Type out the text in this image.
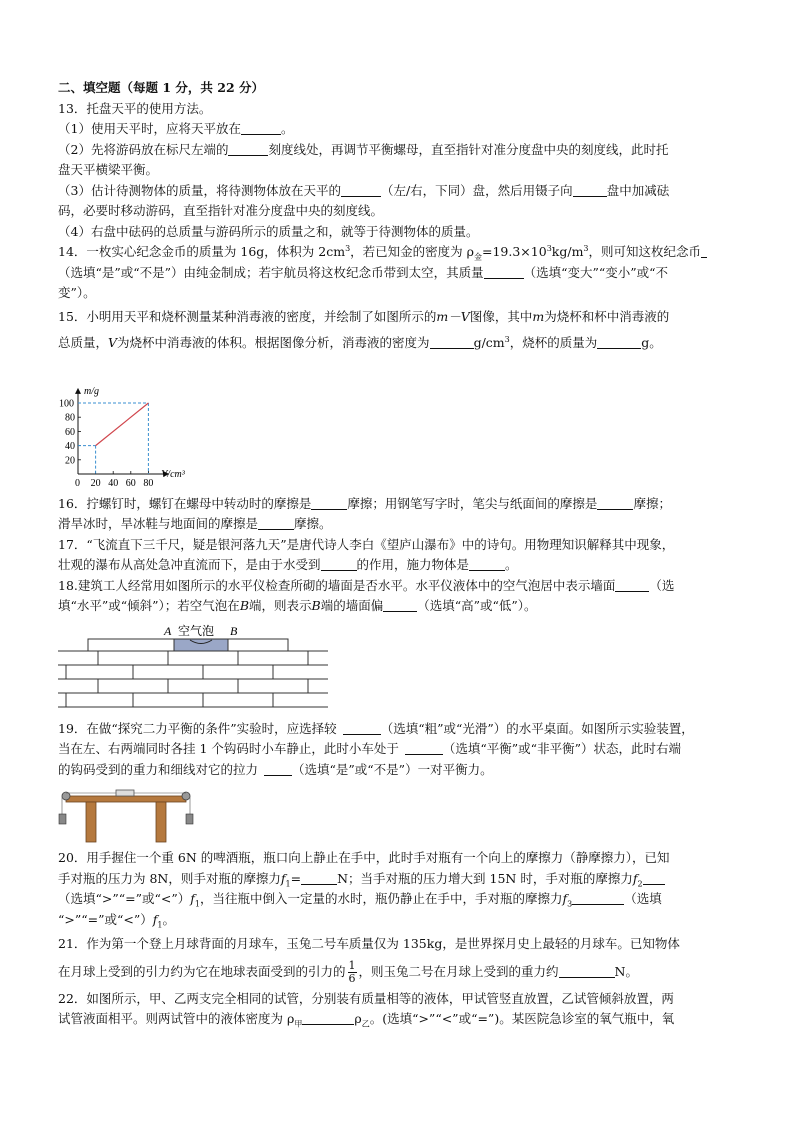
二、填空题（每题 1 分，共 22 分）
13．托盘天平的使用方法。
（1）使用天平时，应将天平放在	。
（2）先将游码放在标尺左端的	刻度线处，再调节平衡螺母，直至指针对准分度盘中央的刻度线，此时托
盘天平横梁平衡。
（3）估计待测物体的质量，将待测物体放在天平的	（左/右，下同）盘，然后用镊子向	盘中加减砝
码，必要时移动游码，直至指针对准分度盘中央的刻度线。
（4）右盘中砝码的总质量与游码所示的质量之和，就等于待测物体的质量。
14．一枚实心纪念金币的质量为 16g，体积为 $2cm^3$，若已知金的密度为 $\rho_金=19.3\times 10^3kg/m^3$，则可知这枚纪念币
（选填“是”或“不是”）由纯金制成；若宇航员将这枚纪念币带到太空，其质量	（选填“变大”“变小”或“不
变”）。
15．小明用天平和烧杯测量某种消毒液的密度，并绘制了如图所示的m－V图像，其中m为烧杯和杯中消毒液的
总质量，V为烧杯中消毒液的体积。根据图像分析，消毒液的密度为	$g/cm^3$，烧杯的质量为	g。
m/g
V/cm³
0 20 40 60 80
20
40
60
80
100
16．拧螺钉时，螺钉在螺母中转动时的摩擦是	摩擦；用钢笔写字时，笔尖与纸面间的摩擦是	摩擦；
滑旱冰时，旱冰鞋与地面间的摩擦是	摩擦。
17．“飞流直下三千尺，疑是银河落九天”是唐代诗人李白《望庐山瀑布》中的诗句。用物理知识解释其中现象，
壮观的瀑布从高处急冲直流而下，是由于水受到	的作用，施力物体是	。
18.建筑工人经常用如图所示的水平仪检查所砌的墙面是否水平。水平仪液体中的空气泡居中表示墙面	（选
填“水平”或“倾斜”）；若空气泡在B端，则表示B端的墙面偏	（选填“高”或“低”）。
A 空气泡 B
19．在做“探究二力平衡的条件”实验时，应选择较	（选填“粗”或“光滑”）的水平桌面。如图所示实验装置，
当在左、右两端同时各挂 1 个钩码时小车静止，此时小车处于	（选填“平衡”或“非平衡”）状态，此时右端
的钩码受到的重力和细线对它的拉力	（选填“是”或“不是”）一对平衡力。
20．用手握住一个重 6N 的啤酒瓶，瓶口向上静止在手中，此时手对瓶有一个向上的摩擦力（静摩擦力），已知
手对瓶的压力为 8N，则手对瓶的摩擦力$f_1=$	N；当手对瓶的压力增大到 15N 时，手对瓶的摩擦力$f_2$
（选填“>”“=”或“$<”)f_1$，当往瓶中倒入一定量的水时，瓶仍静止在手中，手对瓶的摩擦力$f_3$	（选填
“>”“=”或“$<”)f_1$。
21．作为第一个登上月球背面的月球车，玉兔二号车质量仅为 135kg，是世界探月史上最轻的月球车。已知物体
在月球上受到的引力约为它在地球表面受到的引力的 $\frac{1}{6}$ ，则玉兔二号在月球上受到的重力约	N。
22．如图所示，甲、乙两支完全相同的试管，分别装有质量相等的液体，甲试管竖直放置，乙试管倾斜放置，两
试管液面相平。则两试管中的液体密度为 $\rho_甲$	$\rho_乙$。(选填“>”“<”或“=”)。某医院急诊室的氧气瓶中，氧
